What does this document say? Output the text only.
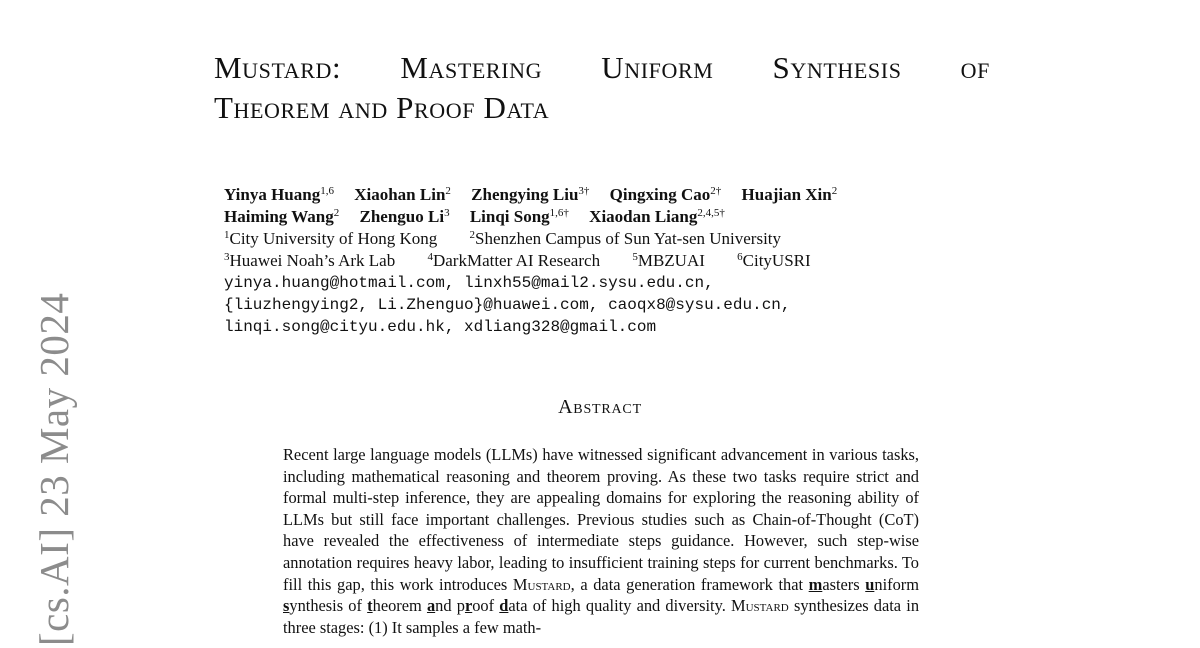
[cs.AI] 23 May 2024
Mustard: Mastering Uniform Synthesis of
Theorem and Proof Data
Yinya Huang$^{1,6}$ Xiaohan Lin$^2$ Zhengying Liu$^{3\dagger}$ Qingxing Cao$^{2\dagger}$ Huajian Xin$^2$
Haiming Wang$^2$ Zhenguo Li$^3$ Linqi Song$^{1,6\dagger}$ Xiaodan Liang$^{2,4,5\dagger}$
$^1$City University of Hong Kong	$^2$Shenzhen Campus of Sun Yat-sen University
$^3$Huawei Noah’s Ark Lab	$^4$DarkMatter AI Research	$^5$MBZUAI	$^6$CityUSRI
yinya.huang@hotmail.com, linxh55@mail2.sysu.edu.cn,
{liuzhengying2, Li.Zhenguo}@huawei.com, caoqx8@sysu.edu.cn,
linqi.song@cityu.edu.hk, xdliang328@gmail.com
Abstract
Recent large language models (LLMs) have witnessed significant advancement in various tasks, including mathematical reasoning and theorem proving. As these two tasks require strict and formal multi-step inference, they are appealing domains for exploring the reasoning ability of LLMs but still face important challenges. Previous studies such as Chain-of-Thought (CoT) have revealed the effectiveness of intermediate steps guidance. However, such step-wise annotation requires heavy labor, leading to insufficient training steps for current benchmarks. To fill this gap, this work introduces Mustard, a data generation framework that masters uniform synthesis of theorem and proof data of high quality and diversity. Mustard synthesizes data in three stages: (1) It samples a few math-
